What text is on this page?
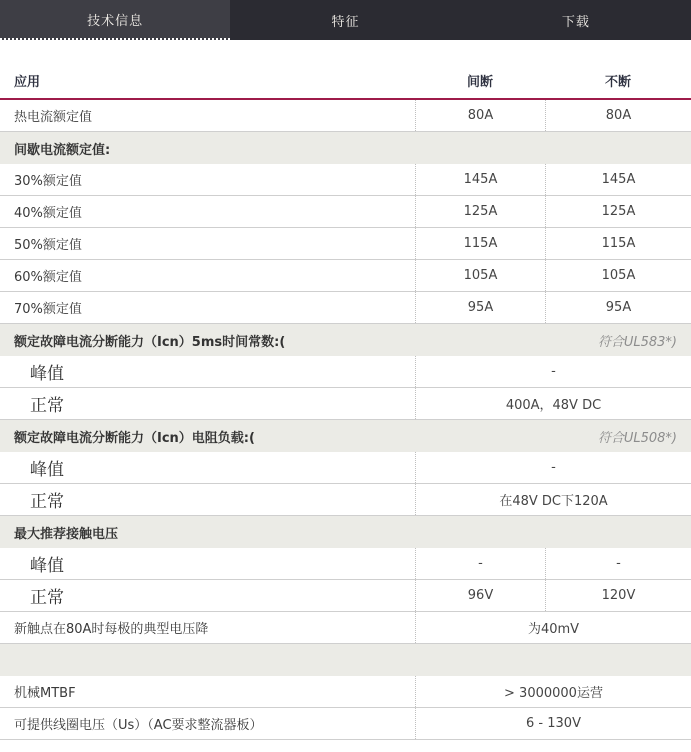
技术信息	特征	下载
应用	间断	不断
热电流额定值	80A	80A
间歇电流额定值:
30%额定值	145A	145A
40%额定值	125A	125A
50%额定值	115A	115A
60%额定值	105A	105A
70%额定值	95A	95A
额定故障电流分断能力（Icn）5ms时间常数:(	符合UL583*)
峰值	-
正常	400A，48V DC
额定故障电流分断能力（Icn）电阻负载:(	符合UL508*)
峰值	-
正常	在48V DC下120A
最大推荐接触电压
峰值	-	-
正常	96V	120V
新触点在80A时每极的典型电压降	为40mV
机械MTBF	> 3000000运营
可提供线圈电压（Us）（AC要求整流器板）	6 - 130V
